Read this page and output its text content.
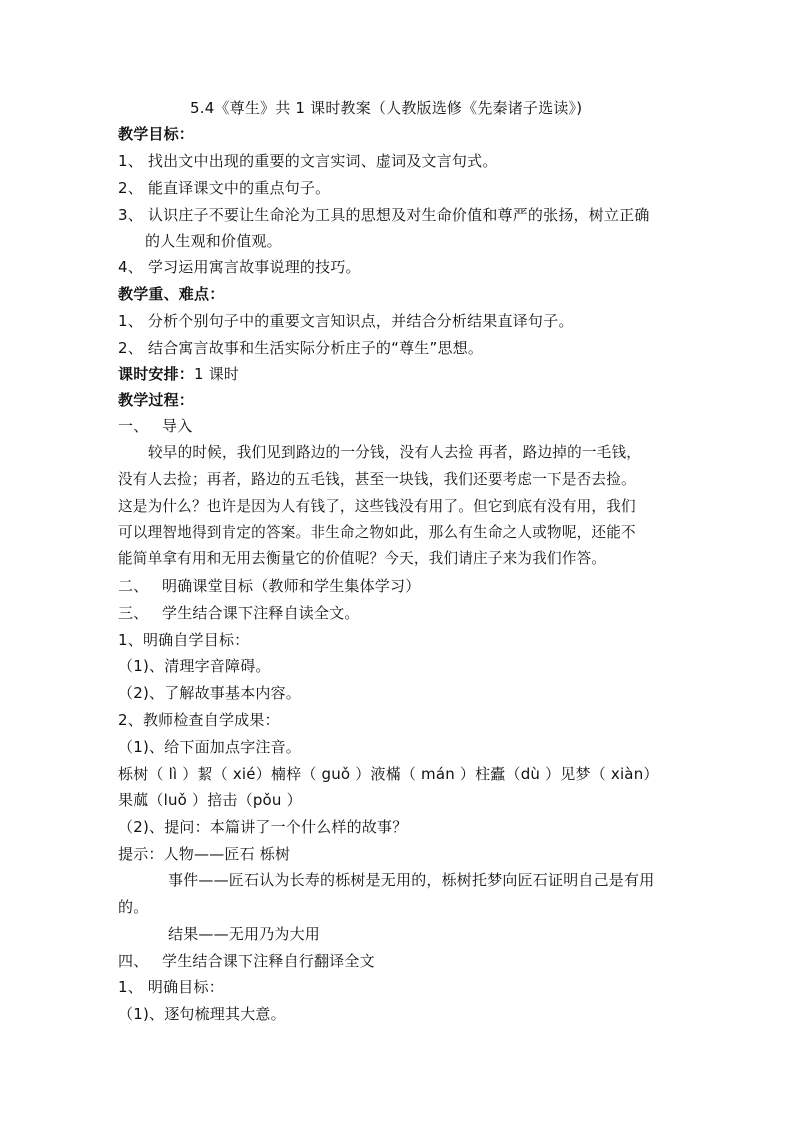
5.4《尊生》共 1 课时教案（人教版选修《先秦诸子选读》)
教学目标：
1、 找出文中出现的重要的文言实词、虚词及文言句式。
2、 能直译课文中的重点句子。
3、 认识庄子不要让生命沦为工具的思想及对生命价值和尊严的张扬，树立正确
的人生观和价值观。
4、 学习运用寓言故事说理的技巧。
教学重、难点：
1、 分析个别句子中的重要文言知识点，并结合分析结果直译句子。
2、 结合寓言故事和生活实际分析庄子的“尊生”思想。
课时安排：1 课时
教学过程：
一、 导入
较早的时候，我们见到路边的一分钱，没有人去捡 再者，路边掉的一毛钱，
没有人去捡；再者，路边的五毛钱，甚至一块钱，我们还要考虑一下是否去捡。
这是为什么？也许是因为人有钱了，这些钱没有用了。但它到底有没有用，我们
可以理智地得到肯定的答案。非生命之物如此，那么有生命之人或物呢，还能不
能简单拿有用和无用去衡量它的价值呢？今天，我们请庄子来为我们作答。
二、 明确课堂目标（教师和学生集体学习）
三、 学生结合课下注释自读全文。
1、明确自学目标：
（1)、清理字音障碍。
（2)、了解故事基本内容。
2、教师检查自学成果：
（1)、给下面加点字注音。
栎树（ lì ）絜（ xié）楠梓（ guǒ ）液樠（ mán ）柱蠹（dù ）见梦（ xiàn）
果蓏（luǒ ）掊击（pǒu ）
（2)、提问：本篇讲了一个什么样的故事？
提示：人物——匠石 栎树
事件——匠石认为长寿的栎树是无用的，栎树托梦向匠石证明自己是有用
的。
结果——无用乃为大用
四、 学生结合课下注释自行翻译全文
1、 明确目标：
（1)、逐句梳理其大意。
